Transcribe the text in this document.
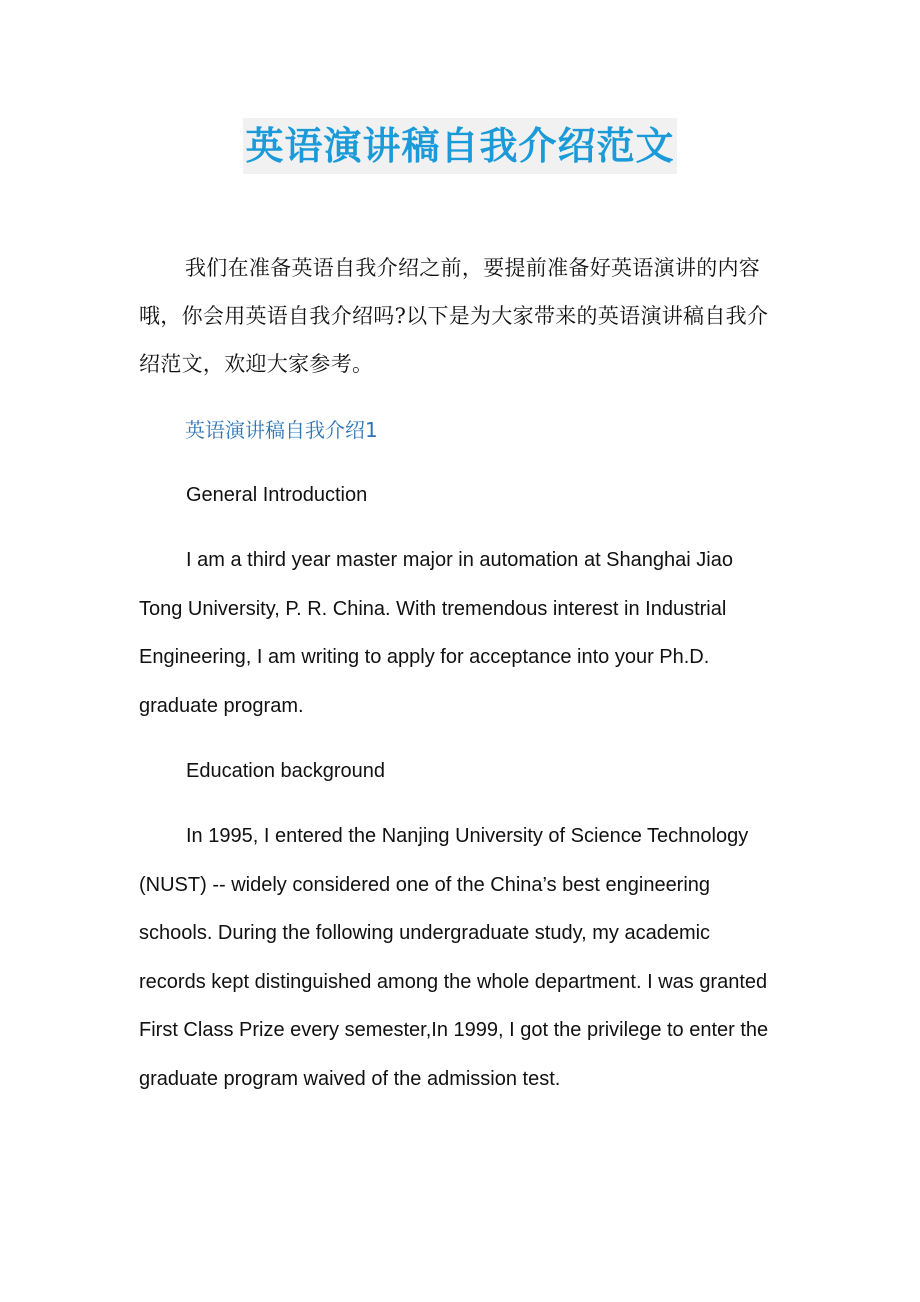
英语演讲稿自我介绍范文

我们在准备英语自我介绍之前，要提前准备好英语演讲的内容哦，你会用英语自我介绍吗?以下是为大家带来的英语演讲稿自我介绍范文，欢迎大家参考。

英语演讲稿自我介绍1

General Introduction

I am a third year master major in automation at Shanghai Jiao Tong University, P. R. China. With tremendous interest in Industrial Engineering, I am writing to apply for acceptance into your Ph.D. graduate program.

Education background

In 1995, I entered the Nanjing University of Science Technology (NUST) -- widely considered one of the China’s best engineering schools. During the following undergraduate study, my academic records kept distinguished among the whole department. I was granted First Class Prize every semester,In 1999, I got the privilege to enter the graduate program waived of the admission test.
